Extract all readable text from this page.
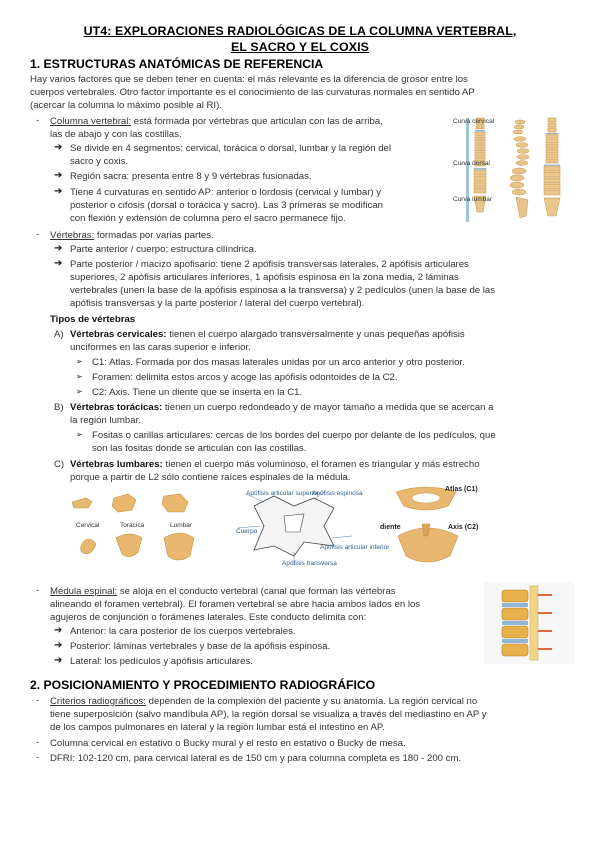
UT4: EXPLORACIONES RADIOLÓGICAS DE LA COLUMNA VERTEBRAL,
EL SACRO Y EL COXIS
1. ESTRUCTURAS ANATÓMICAS DE REFERENCIA
Hay varios factores que se deben tener en cuenta: el más relevante es la diferencia de grosor entre los
cuerpos vertebrales. Otro factor importante es el conocimiento de las curvaturas normales en sentido AP
(acercar la columna lo máximo posible al RI).
- Columna vertebral: está formada por vértebras que articulan con las de arriba,
las de abajo y con las costillas.
➔ Se divide en 4 segmentos: cervical, torácica o dorsal, lumbar y la región del
sacro y coxis.
➔ Región sacra: presenta entre 8 y 9 vértebras fusionadas.
➔ Tiene 4 curvaturas en sentido AP: anterior o lordosis (cervical y lumbar) y
posterior o cifosis (dorsal o torácica y sacro). Las 3 primeras se modifican
con flexión y extensión de columna pero el sacro permanece fijo.
Curva cervical
Curva dorsal
Curva lumbar
- Vértebras: formadas por varias partes.
➔ Parte anterior / cuerpo: estructura cilíndrica.
➔ Parte posterior / macizo apofisario: tiene 2 apófisis transversas laterales, 2 apófisis articulares
superiores, 2 apófisis articulares inferiores, 1 apófisis espinosa en la zona media, 2 láminas
vertebrales (unen la base de la apófisis espinosa a la transversa) y 2 pedículos (unen la base de las
apófisis transversas y la parte posterior / lateral del cuerpo vertebral).
Tipos de vértebras
A) Vértebras cervicales: tienen el cuerpo alargado transversalmente y unas pequeñas apófisis
unciformes en las caras superior e inferior.
➢ C1: Atlas. Formada por dos masas laterales unidas por un arco anterior y otro posterior.
➢ Foramen: delimita estos arcos y acoge las apófisis odontoides de la C2.
➢ C2: Axis. Tiene un diente que se inserta en la C1.
B) Vértebras torácicas: tienen un cuerpo redondeado y de mayor tamaño a medida que se acercan a
la región lumbar.
➢ Fositas o carillas articulares: cercas de los bordes del cuerpo por delante de los pedículos, que
son las fositas donde se articulan con las costillas.
C) Vértebras lumbares: tienen el cuerpo más voluminoso, el foramen es triangular y más estrecho
porque a partir de L2 sólo contiene raíces espinales de la médula.
Cervical	Torácica	Lumbar
Apófisis articular superior
Apófisis espinosa
Cuerpo
Apófisis articular inferior
Apófisis transversa
Atlas (C1)
Axis (C2)
diente
- Médula espinal: se aloja en el conducto vertebral (canal que forman las vértebras
alineando el foramen vertebral). El foramen vertebral se abre hacia ambos lados en los
agujeros de conjunción o forámenes laterales. Este conducto delimita con:
➔ Anterior: la cara posterior de los cuerpos vertebrales.
➔ Posterior: láminas vertebrales y base de la apófisis espinosa.
➔ Lateral: los pedículos y apófisis articulares.
2. POSICIONAMIENTO Y PROCEDIMIENTO RADIOGRÁFICO
- Criterios radiográficos: dependen de la complexión del paciente y su anatomía. La región cervical no
tiene superposición (salvo mandíbula AP), la región dorsal se visualiza a través del mediastino en AP y
de los campos pulmonares en lateral y la región lumbar está el intestino en AP.
- Columna cervical en estativo o Bucky mural y el resto en estativo o Bucky de mesa.
- DFRI: 102-120 cm, para cervical lateral es de 150 cm y para columna completa es 180 - 200 cm.
